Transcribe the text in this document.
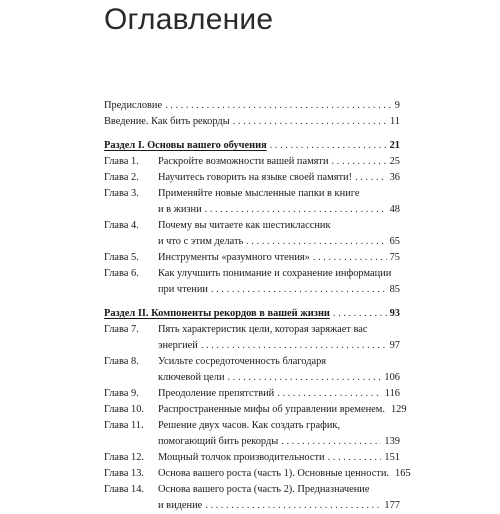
Оглавление
Предисловие . . .	9
Введение. Как бить рекорды . . .	11
Раздел I. Основы вашего обучения . . .	21
Глава 1.	Раскройте возможности вашей памяти . . .	25
Глава 2.	Научитесь говорить на языке своей памяти! . . .	36
Глава 3.	Применяйте новые мысленные папки в книге
и в жизни . . .	48
Глава 4.	Почему вы читаете как шестиклассник
и что с этим делать . . .	65
Глава 5.	Инструменты «разумного чтения» . . .	75
Глава 6.	Как улучшить понимание и сохранение информации
при чтении . . .	85
Раздел II. Компоненты рекордов в вашей жизни . . .	93
Глава 7.	Пять характеристик цели, которая заряжает вас
энергией . . .	97
Глава 8.	Усильте сосредоточенность благодаря
ключевой цели . . .	106
Глава 9.	Преодоление препятствий . . .	116
Глава 10.	Распространенные мифы об управлении временем. 129
Глава 11.	Решение двух часов. Как создать график,
помогающий бить рекорды . . .	139
Глава 12.	Мощный толчок производительности . . .	151
Глава 13.	Основа вашего роста (часть 1). Основные ценности. 165
Глава 14.	Основа вашего роста (часть 2). Предназначение
и видение . . .	177
